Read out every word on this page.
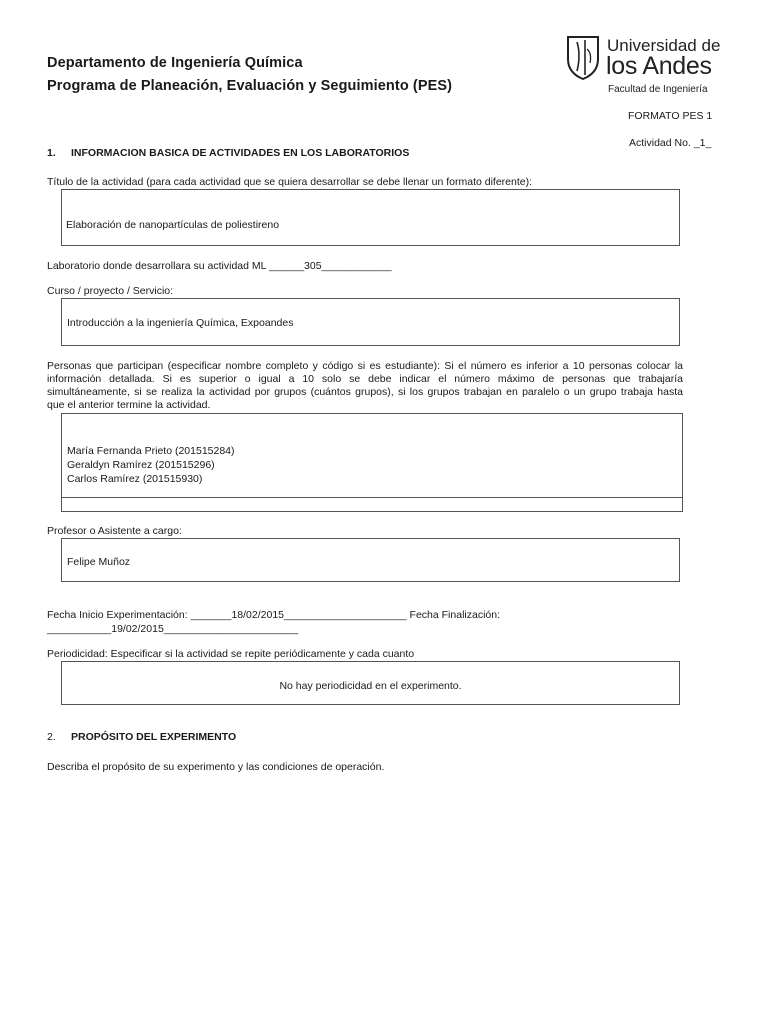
Departamento de Ingeniería Química
Programa de Planeación, Evaluación y Seguimiento (PES)
Universidad de
los Andes
Facultad de Ingeniería
FORMATO PES 1
Actividad No. _1_
1. INFORMACION BASICA DE ACTIVIDADES EN LOS LABORATORIOS
Título de la actividad (para cada actividad que se quiera desarrollar se debe llenar un formato diferente):
Elaboración de nanopartículas de poliestireno
Laboratorio donde desarrollara su actividad ML ______305____________
Curso / proyecto / Servicio:
Introducción a la ingeniería Química, Expoandes
Personas que participan (especificar nombre completo y código si es estudiante): Si el número es inferior a 10 personas colocar la
información detallada. Si es superior o igual a 10 solo se debe indicar el número máximo de personas que trabajaría
simultáneamente, si se realiza la actividad por grupos (cuántos grupos), si los grupos trabajan en paralelo o un grupo trabaja hasta
que el anterior termine la actividad.
María Fernanda Prieto (201515284)
Geraldyn Ramírez (201515296)
Carlos Ramírez (201515930)
Profesor o Asistente a cargo:
Felipe Muñoz
Fecha Inicio Experimentación: _______18/02/2015_____________________ Fecha Finalización:
___________19/02/2015_______________________
Periodicidad: Especificar si la actividad se repite periódicamente y cada cuanto
No hay periodicidad en el experimento.
2. PROPÓSITO DEL EXPERIMENTO
Describa el propósito de su experimento y las condiciones de operación.
